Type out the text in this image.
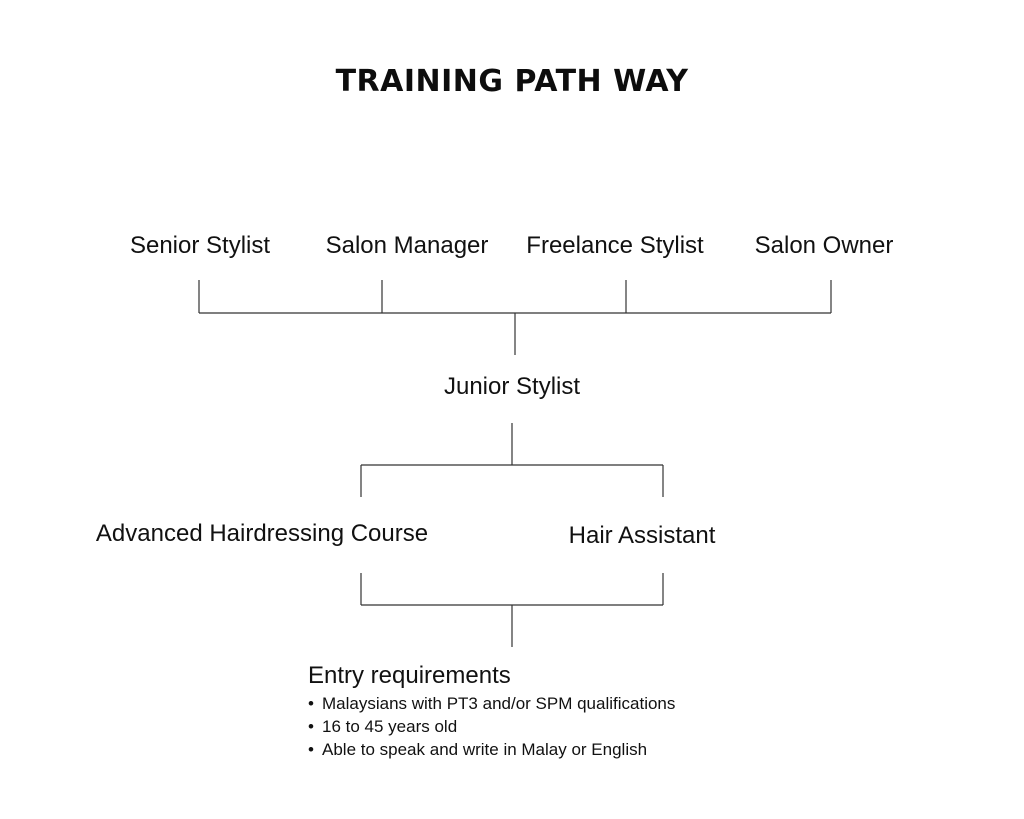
TRAINING PATH WAY
Senior Stylist Salon Manager Freelance Stylist Salon Owner
Junior Stylist
Advanced Hairdressing Course	Hair Assistant
Entry requirements
• Malaysians with PT3 and/or SPM qualifications
• 16 to 45 years old
• Able to speak and write in Malay or English
